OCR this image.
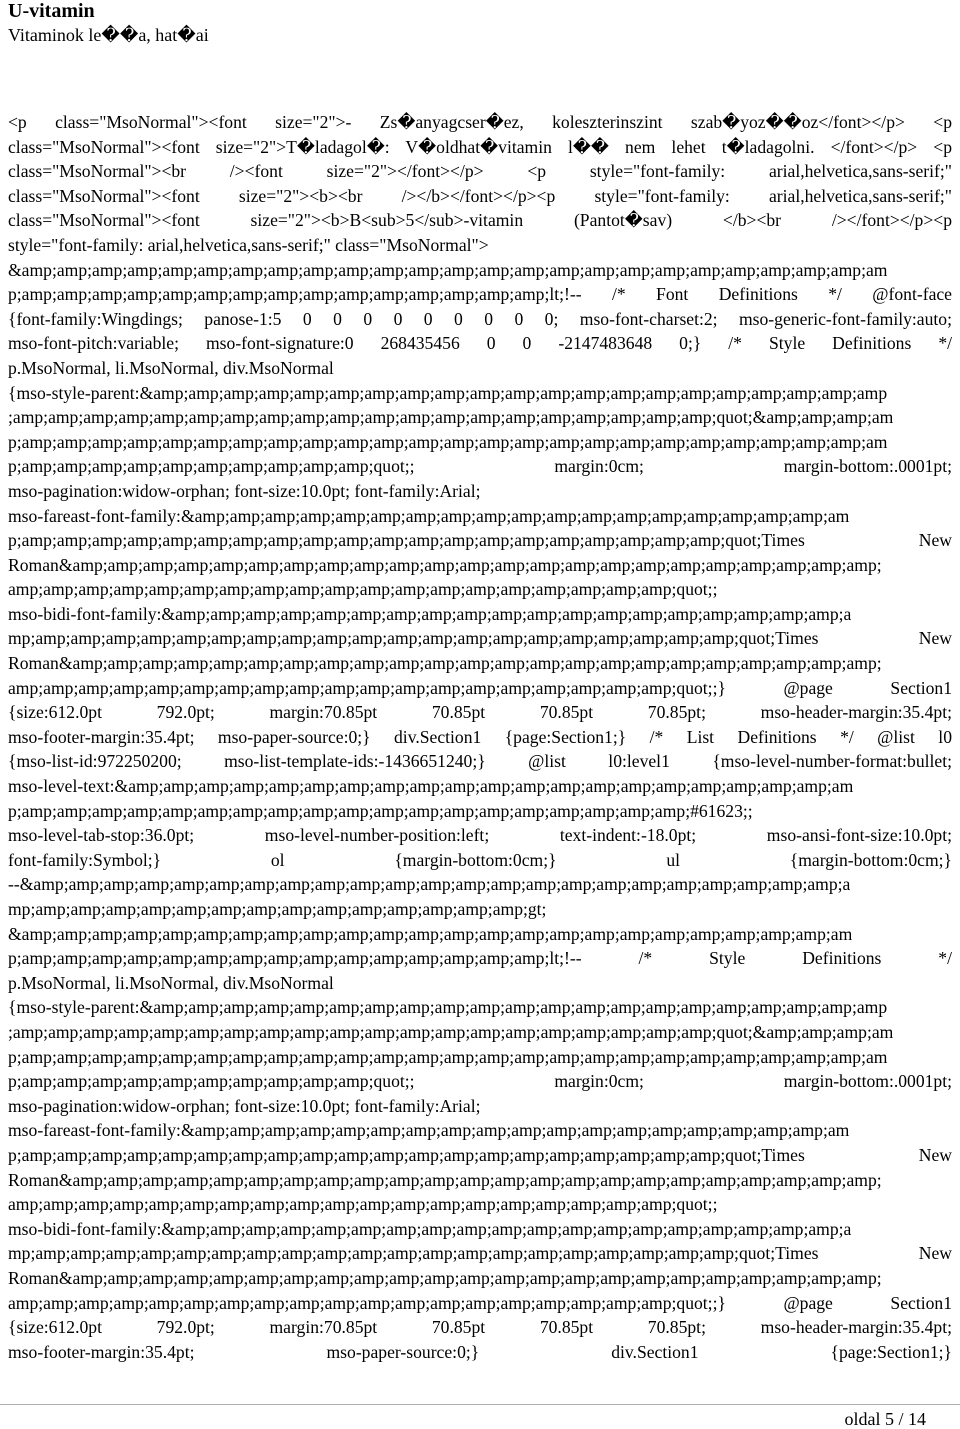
U-vitamin
Vitaminok le��a, hat�ai
<p class="MsoNormal"><font size="2">- Zs�anyagcser�ez, koleszterinszint szab�yoz��oz</font></p> <p
class="MsoNormal"><font size="2">T�ladagol�: V�oldhat�vitamin l�� nem lehet t�ladagolni. </font></p> <p
class="MsoNormal"><br /><font size="2"></font></p> <p style="font-family: arial,helvetica,sans-serif;"
class="MsoNormal"><font size="2"><b><br /></b></font></p><p style="font-family: arial,helvetica,sans-serif;"
class="MsoNormal"><font size="2"><b>B<sub>5</sub>-vitamin (Pantot�sav) </b><br /></font></p><p
style="font-family: arial,helvetica,sans-serif;" class="MsoNormal">
&amp;amp;amp;amp;amp;amp;amp;amp;amp;amp;amp;amp;amp;amp;amp;amp;amp;amp;amp;amp;amp;amp;amp;amp;am
p;amp;amp;amp;amp;amp;amp;amp;amp;amp;amp;amp;amp;amp;amp;amp;lt;!-- /* Font Definitions */ @font-face
{font-family:Wingdings; panose-1:5 0 0 0 0 0 0 0 0 0; mso-font-charset:2; mso-generic-font-family:auto;
mso-font-pitch:variable; mso-font-signature:0 268435456 0 0 -2147483648 0;} /* Style Definitions */
p.MsoNormal, li.MsoNormal, div.MsoNormal
{mso-style-parent:&amp;amp;amp;amp;amp;amp;amp;amp;amp;amp;amp;amp;amp;amp;amp;amp;amp;amp;amp;amp;amp
;amp;amp;amp;amp;amp;amp;amp;amp;amp;amp;amp;amp;amp;amp;amp;amp;amp;amp;amp;amp;quot;&amp;amp;amp;am
p;amp;amp;amp;amp;amp;amp;amp;amp;amp;amp;amp;amp;amp;amp;amp;amp;amp;amp;amp;amp;amp;amp;amp;amp;am
p;amp;amp;amp;amp;amp;amp;amp;amp;amp;amp;quot;; margin:0cm; margin-bottom:.0001pt;
mso-pagination:widow-orphan; font-size:10.0pt; font-family:Arial;
mso-fareast-font-family:&amp;amp;amp;amp;amp;amp;amp;amp;amp;amp;amp;amp;amp;amp;amp;amp;amp;amp;am
p;amp;amp;amp;amp;amp;amp;amp;amp;amp;amp;amp;amp;amp;amp;amp;amp;amp;amp;amp;amp;quot;Times New
Roman&amp;amp;amp;amp;amp;amp;amp;amp;amp;amp;amp;amp;amp;amp;amp;amp;amp;amp;amp;amp;amp;amp;amp;
amp;amp;amp;amp;amp;amp;amp;amp;amp;amp;amp;amp;amp;amp;amp;amp;amp;amp;amp;quot;;
mso-bidi-font-family:&amp;amp;amp;amp;amp;amp;amp;amp;amp;amp;amp;amp;amp;amp;amp;amp;amp;amp;amp;a
mp;amp;amp;amp;amp;amp;amp;amp;amp;amp;amp;amp;amp;amp;amp;amp;amp;amp;amp;amp;amp;quot;Times New
Roman&amp;amp;amp;amp;amp;amp;amp;amp;amp;amp;amp;amp;amp;amp;amp;amp;amp;amp;amp;amp;amp;amp;amp;
amp;amp;amp;amp;amp;amp;amp;amp;amp;amp;amp;amp;amp;amp;amp;amp;amp;amp;amp;quot;;} @page Section1
{size:612.0pt 792.0pt; margin:70.85pt 70.85pt 70.85pt 70.85pt; mso-header-margin:35.4pt;
mso-footer-margin:35.4pt; mso-paper-source:0;} div.Section1 {page:Section1;} /* List Definitions */ @list l0
{mso-list-id:972250200; mso-list-template-ids:-1436651240;} @list l0:level1 {mso-level-number-format:bullet;
mso-level-text:&amp;amp;amp;amp;amp;amp;amp;amp;amp;amp;amp;amp;amp;amp;amp;amp;amp;amp;amp;amp;am
p;amp;amp;amp;amp;amp;amp;amp;amp;amp;amp;amp;amp;amp;amp;amp;amp;amp;amp;amp;#61623;;
mso-level-tab-stop:36.0pt; mso-level-number-position:left; text-indent:-18.0pt; mso-ansi-font-size:10.0pt;
font-family:Symbol;} ol {margin-bottom:0cm;} ul {margin-bottom:0cm;}
--&amp;amp;amp;amp;amp;amp;amp;amp;amp;amp;amp;amp;amp;amp;amp;amp;amp;amp;amp;amp;amp;amp;amp;a
mp;amp;amp;amp;amp;amp;amp;amp;amp;amp;amp;amp;amp;amp;amp;gt;
&amp;amp;amp;amp;amp;amp;amp;amp;amp;amp;amp;amp;amp;amp;amp;amp;amp;amp;amp;amp;amp;amp;amp;am
p;amp;amp;amp;amp;amp;amp;amp;amp;amp;amp;amp;amp;amp;amp;amp;lt;!-- /* Style Definitions */
p.MsoNormal, li.MsoNormal, div.MsoNormal
{mso-style-parent:&amp;amp;amp;amp;amp;amp;amp;amp;amp;amp;amp;amp;amp;amp;amp;amp;amp;amp;amp;amp;amp
;amp;amp;amp;amp;amp;amp;amp;amp;amp;amp;amp;amp;amp;amp;amp;amp;amp;amp;amp;amp;quot;&amp;amp;amp;am
p;amp;amp;amp;amp;amp;amp;amp;amp;amp;amp;amp;amp;amp;amp;amp;amp;amp;amp;amp;amp;amp;amp;amp;amp;am
p;amp;amp;amp;amp;amp;amp;amp;amp;amp;amp;quot;; margin:0cm; margin-bottom:.0001pt;
mso-pagination:widow-orphan; font-size:10.0pt; font-family:Arial;
mso-fareast-font-family:&amp;amp;amp;amp;amp;amp;amp;amp;amp;amp;amp;amp;amp;amp;amp;amp;amp;amp;am
p;amp;amp;amp;amp;amp;amp;amp;amp;amp;amp;amp;amp;amp;amp;amp;amp;amp;amp;amp;amp;quot;Times New
Roman&amp;amp;amp;amp;amp;amp;amp;amp;amp;amp;amp;amp;amp;amp;amp;amp;amp;amp;amp;amp;amp;amp;amp;
amp;amp;amp;amp;amp;amp;amp;amp;amp;amp;amp;amp;amp;amp;amp;amp;amp;amp;amp;quot;;
mso-bidi-font-family:&amp;amp;amp;amp;amp;amp;amp;amp;amp;amp;amp;amp;amp;amp;amp;amp;amp;amp;amp;a
mp;amp;amp;amp;amp;amp;amp;amp;amp;amp;amp;amp;amp;amp;amp;amp;amp;amp;amp;amp;amp;quot;Times New
Roman&amp;amp;amp;amp;amp;amp;amp;amp;amp;amp;amp;amp;amp;amp;amp;amp;amp;amp;amp;amp;amp;amp;amp;
amp;amp;amp;amp;amp;amp;amp;amp;amp;amp;amp;amp;amp;amp;amp;amp;amp;amp;amp;quot;;} @page Section1
{size:612.0pt 792.0pt; margin:70.85pt 70.85pt 70.85pt 70.85pt; mso-header-margin:35.4pt;
mso-footer-margin:35.4pt; mso-paper-source:0;} div.Section1 {page:Section1;}
oldal 5 / 14
